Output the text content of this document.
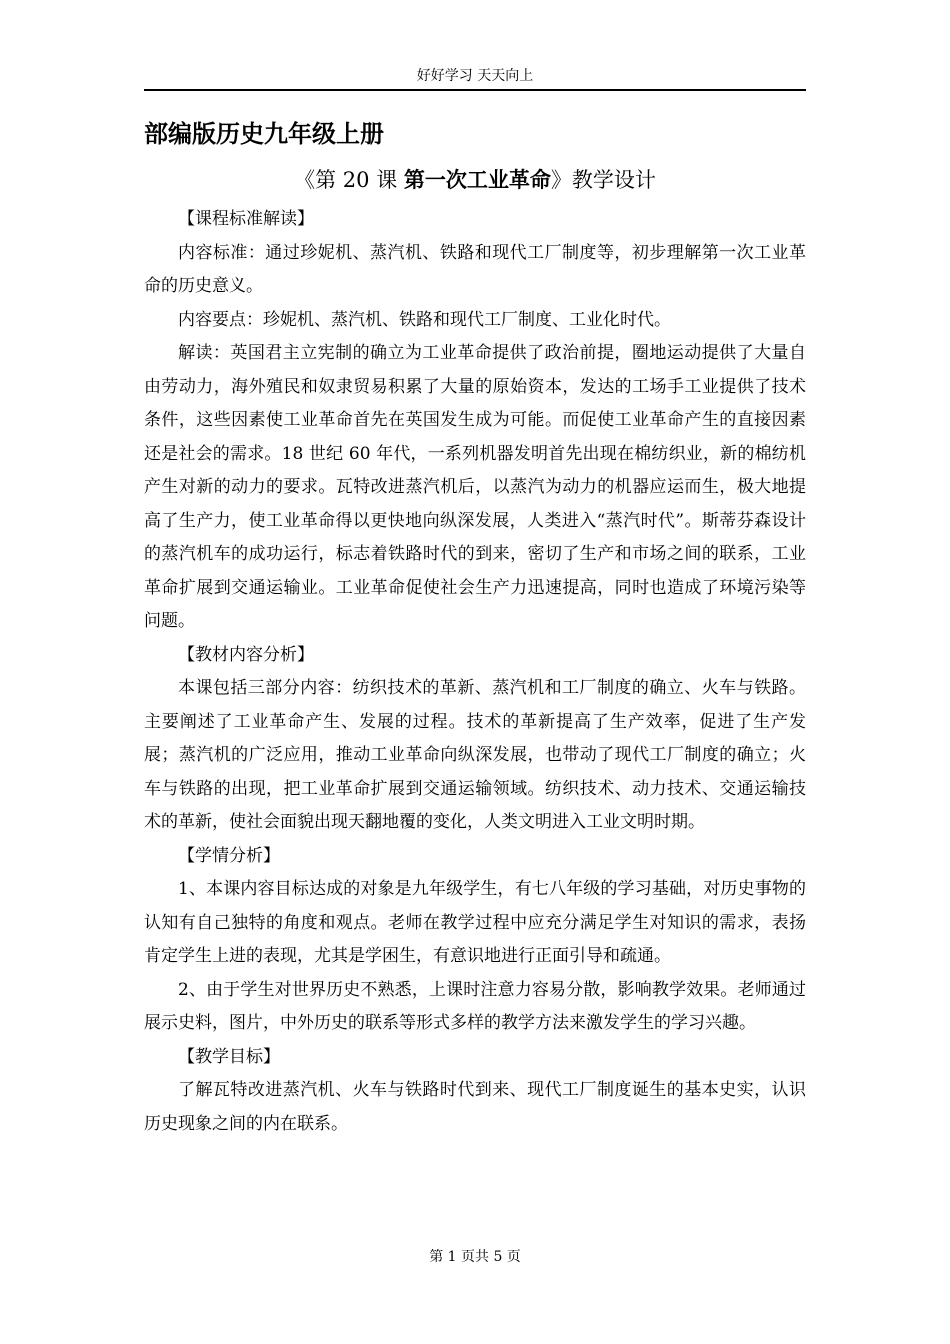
好好学习 天天向上
部编版历史九年级上册
《第 20 课 第一次工业革命》教学设计

【课程标准解读】

内容标准：通过珍妮机、蒸汽机、铁路和现代工厂制度等，初步理解第一次工业革命的历史意义。

内容要点：珍妮机、蒸汽机、铁路和现代工厂制度、工业化时代。

解读：英国君主立宪制的确立为工业革命提供了政治前提，圈地运动提供了大量自由劳动力，海外殖民和奴隶贸易积累了大量的原始资本，发达的工场手工业提供了技术条件，这些因素使工业革命首先在英国发生成为可能。而促使工业革命产生的直接因素还是社会的需求。18 世纪 60 年代，一系列机器发明首先出现在棉纺织业，新的棉纺机产生对新的动力的要求。瓦特改进蒸汽机后，以蒸汽为动力的机器应运而生，极大地提高了生产力，使工业革命得以更快地向纵深发展，人类进入“蒸汽时代”。斯蒂芬森设计的蒸汽机车的成功运行，标志着铁路时代的到来，密切了生产和市场之间的联系，工业革命扩展到交通运输业。工业革命促使社会生产力迅速提高，同时也造成了环境污染等问题。

【教材内容分析】

本课包括三部分内容：纺织技术的革新、蒸汽机和工厂制度的确立、火车与铁路。主要阐述了工业革命产生、发展的过程。技术的革新提高了生产效率，促进了生产发展；蒸汽机的广泛应用，推动工业革命向纵深发展，也带动了现代工厂制度的确立；火车与铁路的出现，把工业革命扩展到交通运输领域。纺织技术、动力技术、交通运输技术的革新，使社会面貌出现天翻地覆的变化，人类文明进入工业文明时期。

【学情分析】

1、本课内容目标达成的对象是九年级学生，有七八年级的学习基础，对历史事物的认知有自己独特的角度和观点。老师在教学过程中应充分满足学生对知识的需求，表扬肯定学生上进的表现，尤其是学困生，有意识地进行正面引导和疏通。

2、由于学生对世界历史不熟悉，上课时注意力容易分散，影响教学效果。老师通过展示史料，图片，中外历史的联系等形式多样的教学方法来激发学生的学习兴趣。

【教学目标】

了解瓦特改进蒸汽机、火车与铁路时代到来、现代工厂制度诞生的基本史实，认识历史现象之间的内在联系。

第 1 页共 5 页
